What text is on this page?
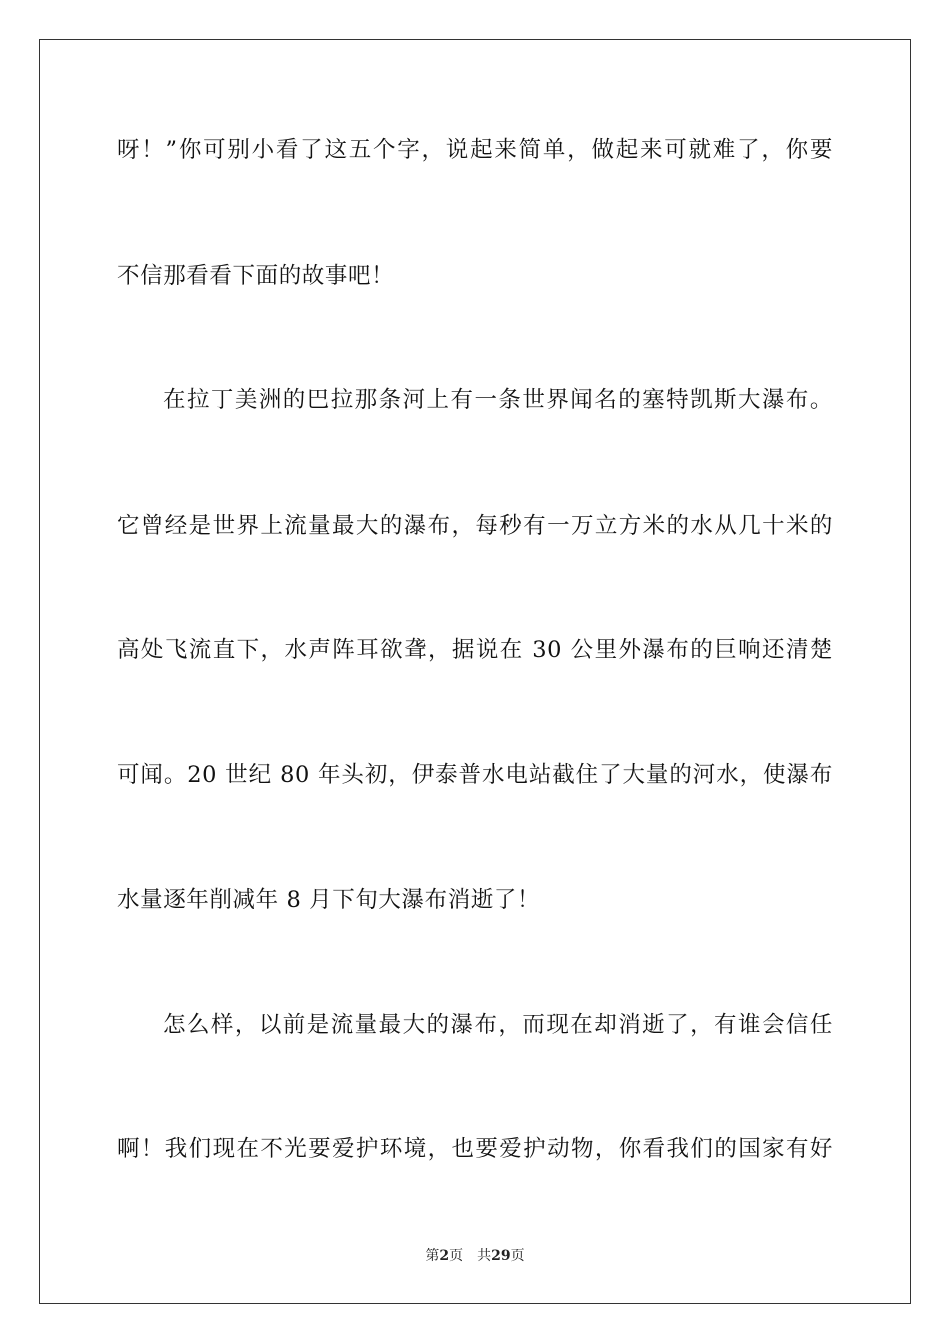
呀！”你可别小看了这五个字，说起来简单，做起来可就难了，你要
不信那看看下面的故事吧！
在拉丁美洲的巴拉那条河上有一条世界闻名的塞特凯斯大瀑布。
它曾经是世界上流量最大的瀑布，每秒有一万立方米的水从几十米的
高处飞流直下，水声阵耳欲聋，据说在 30 公里外瀑布的巨响还清楚
可闻。20 世纪 80 年头初，伊泰普水电站截住了大量的河水，使瀑布
水量逐年削减年 8 月下旬大瀑布消逝了！
怎么样，以前是流量最大的瀑布，而现在却消逝了，有谁会信任
啊！我们现在不光要爱护环境，也要爱护动物，你看我们的国家有好
第2页 共29页
